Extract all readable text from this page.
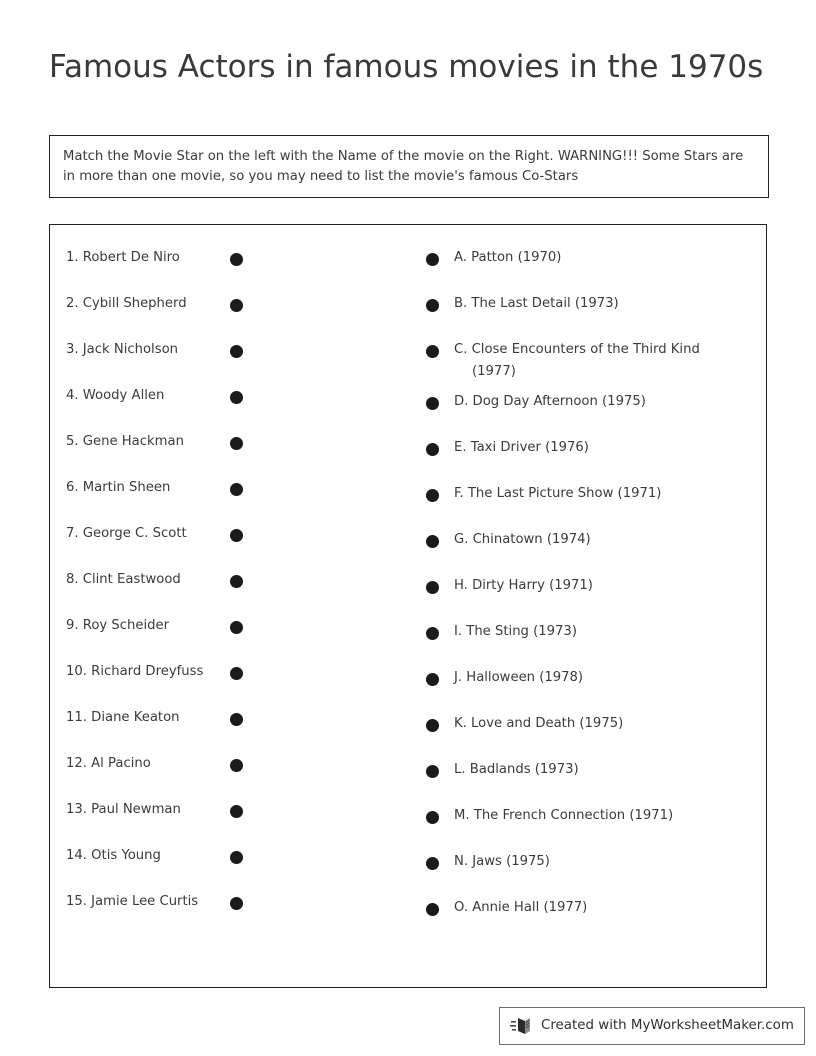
Famous Actors in famous movies in the 1970s
Match the Movie Star on the left with the Name of the movie on the Right. WARNING!!! Some Stars are in more than one movie, so you may need to list the movie's famous Co-Stars
1. Robert De Niro
2. Cybill Shepherd
3. Jack Nicholson
4. Woody Allen
5. Gene Hackman
6. Martin Sheen
7. George C. Scott
8. Clint Eastwood
9. Roy Scheider
10. Richard Dreyfuss
11. Diane Keaton
12. Al Pacino
13. Paul Newman
14. Otis Young
15. Jamie Lee Curtis
A. Patton (1970)
B. The Last Detail (1973)
C. Close Encounters of the Third Kind (1977)
D. Dog Day Afternoon (1975)
E. Taxi Driver (1976)
F. The Last Picture Show (1971)
G. Chinatown (1974)
H. Dirty Harry (1971)
I. The Sting (1973)
J. Halloween (1978)
K. Love and Death (1975)
L. Badlands (1973)
M. The French Connection (1971)
N. Jaws (1975)
O. Annie Hall (1977)
Created with MyWorksheetMaker.com
